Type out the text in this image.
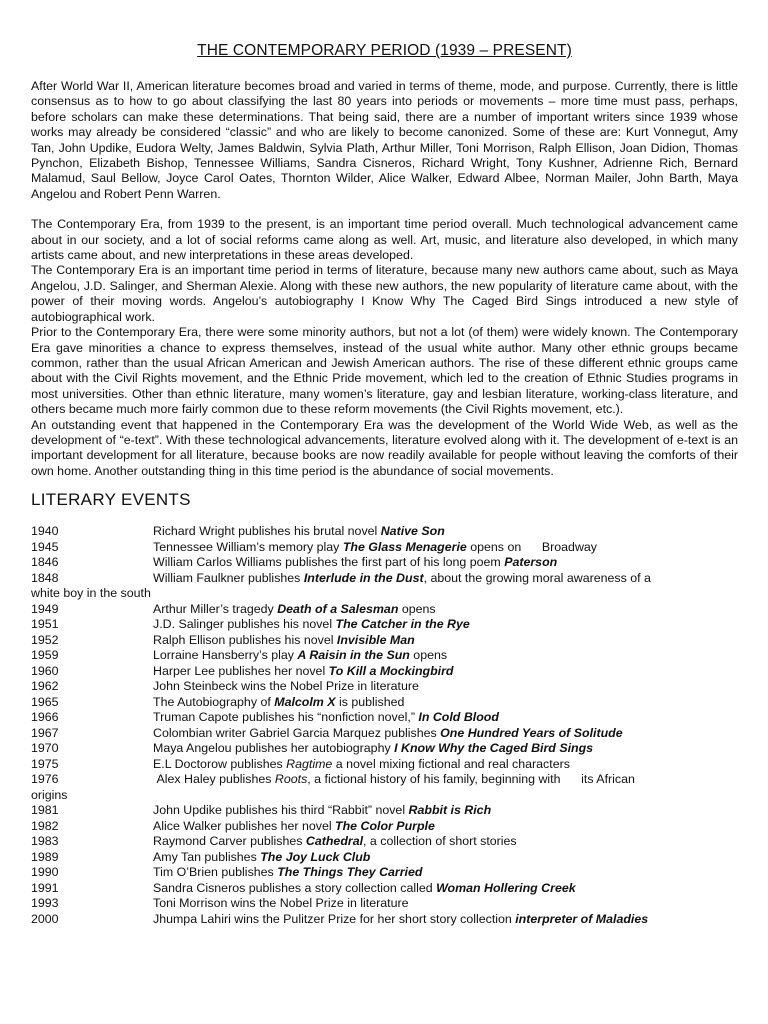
THE CONTEMPORARY PERIOD (1939 – PRESENT)

After World War II, American literature becomes broad and varied in terms of theme, mode, and purpose. Currently, there is little consensus as to how to go about classifying the last 80 years into periods or movements – more time must pass, perhaps, before scholars can make these determinations. That being said, there are a number of important writers since 1939 whose works may already be considered “classic” and who are likely to become canonized. Some of these are: Kurt Vonnegut, Amy Tan, John Updike, Eudora Welty, James Baldwin, Sylvia Plath, Arthur Miller, Toni Morrison, Ralph Ellison, Joan Didion, Thomas Pynchon, Elizabeth Bishop, Tennessee Williams, Sandra Cisneros, Richard Wright, Tony Kushner, Adrienne Rich, Bernard Malamud, Saul Bellow, Joyce Carol Oates, Thornton Wilder, Alice Walker, Edward Albee, Norman Mailer, John Barth, Maya Angelou and Robert Penn Warren.

The Contemporary Era, from 1939 to the present, is an important time period overall. Much technological advancement came about in our society, and a lot of social reforms came along as well. Art, music, and literature also developed, in which many artists came about, and new interpretations in these areas developed.

The Contemporary Era is an important time period in terms of literature, because many new authors came about, such as Maya Angelou, J.D. Salinger, and Sherman Alexie. Along with these new authors, the new popularity of literature came about, with the power of their moving words. Angelou’s autobiography I Know Why The Caged Bird Sings introduced a new style of autobiographical work.

Prior to the Contemporary Era, there were some minority authors, but not a lot (of them) were widely known. The Contemporary Era gave minorities a chance to express themselves, instead of the usual white author. Many other ethnic groups became common, rather than the usual African American and Jewish American authors. The rise of these different ethnic groups came about with the Civil Rights movement, and the Ethnic Pride movement, which led to the creation of Ethnic Studies programs in most universities. Other than ethnic literature, many women’s literature, gay and lesbian literature, working-class literature, and others became much more fairly common due to these reform movements (the Civil Rights movement, etc.).

An outstanding event that happened in the Contemporary Era was the development of the World Wide Web, as well as the development of “e-text”. With these technological advancements, literature evolved along with it. The development of e-text is an important development for all literature, because books are now readily available for people without leaving the comforts of their own home. Another outstanding thing in this time period is the abundance of social movements.

LITERARY EVENTS
1940	Richard Wright publishes his brutal novel Native Son
1945	Tennessee William’s memory play The Glass Menagerie opens on      Broadway
1846	William Carlos Williams publishes the first part of his long poem Paterson
1848	William Faulkner publishes Interlude in the Dust, about the growing moral awareness of a
white boy in the south
1949	Arthur Miller’s tragedy Death of a Salesman opens
1951	J.D. Salinger publishes his novel The Catcher in the Rye
1952	Ralph Ellison publishes his novel Invisible Man
1959	Lorraine Hansberry’s play A Raisin in the Sun opens
1960	Harper Lee publishes her novel To Kill a Mockingbird
1962	John Steinbeck wins the Nobel Prize in literature
1965	The Autobiography of Malcolm X is published
1966	Truman Capote publishes his “nonfiction novel,” In Cold Blood
1967	Colombian writer Gabriel Garcia Marquez publishes One Hundred Years of Solitude
1970	Maya Angelou publishes her autobiography I Know Why the Caged Bird Sings
1975	E.L Doctorow publishes Ragtime a novel mixing fictional and real characters
1976	Alex Haley publishes Roots, a fictional history of his family, beginning with      its African
origins
1981	John Updike publishes his third “Rabbit” novel Rabbit is Rich
1982	Alice Walker publishes her novel The Color Purple
1983	Raymond Carver publishes Cathedral, a collection of short stories
1989	Amy Tan publishes The Joy Luck Club
1990	Tim O’Brien publishes The Things They Carried
1991	Sandra Cisneros publishes a story collection called Woman Hollering Creek
1993	Toni Morrison wins the Nobel Prize in literature
2000	Jhumpa Lahiri wins the Pulitzer Prize for her short story collection interpreter of Maladies
